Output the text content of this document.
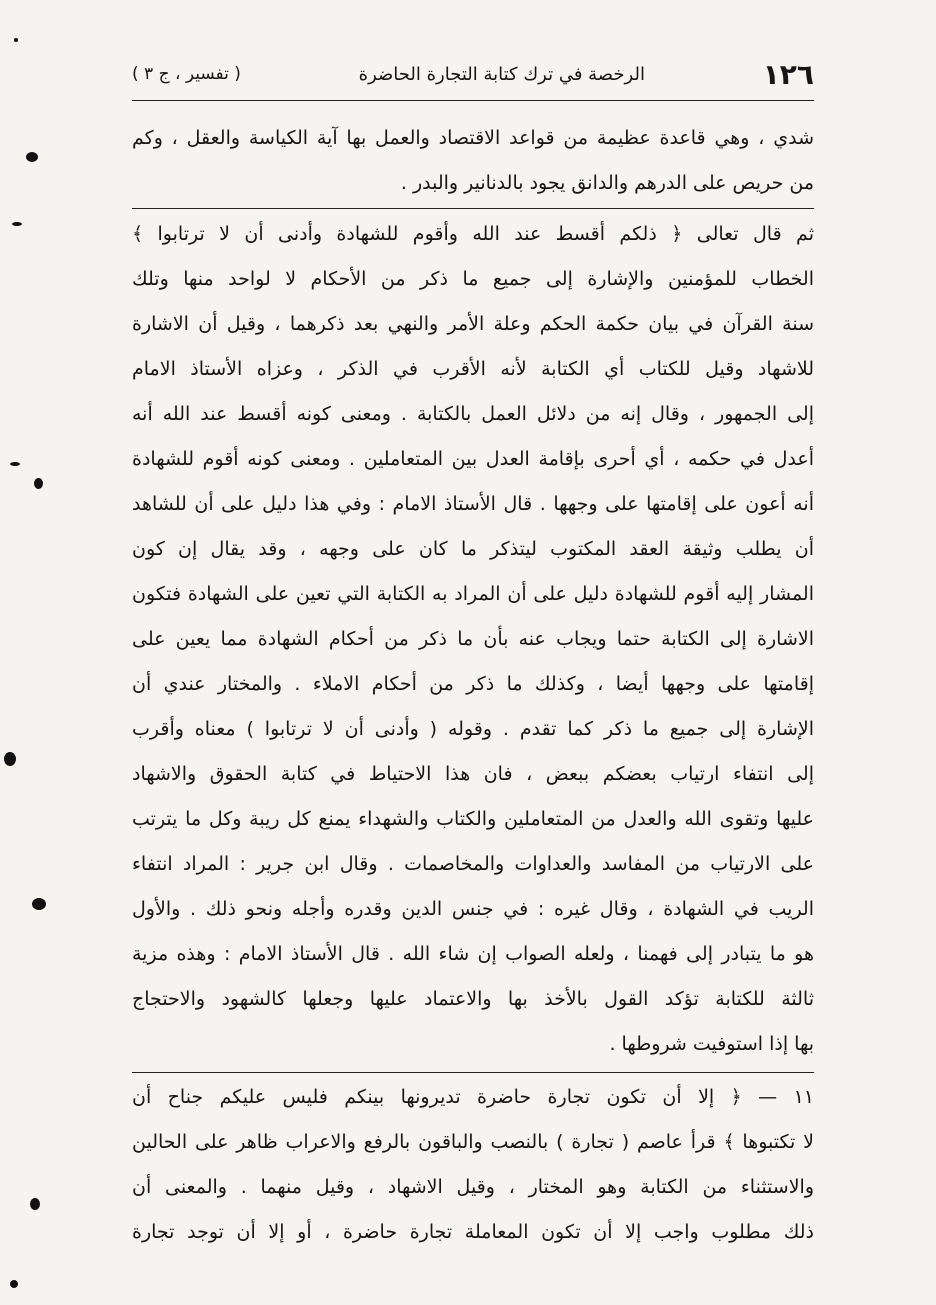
١٢٦
الرخصة في ترك كتابة التجارة الحاضرة
( تفسير ، ج ٣ )
شدي ، وهي قاعدة عظيمة من قواعد الاقتصاد والعمل بها آية الكياسة والعقل ، وكم
من حريص على الدرهم والدانق يجود بالدنانير والبدر .
ثم قال تعالى ﴿ ذلكم أقسط عند الله وأقوم للشهادة وأدنى أن لا ترتابوا ﴾
الخطاب للمؤمنين والإشارة إلى جميع ما ذكر من الأحكام لا لواحد منها وتلك
سنة القرآن في بيان حكمة الحكم وعلة الأمر والنهي بعد ذكرهما ، وقيل أن الاشارة
للاشهاد وقيل للكتاب أي الكتابة لأنه الأقرب في الذكر ، وعزاه الأستاذ الامام
إلى الجمهور ، وقال إنه من دلائل العمل بالكتابة . ومعنى كونه أقسط عند الله أنه
أعدل في حكمه ، أي أحرى بإقامة العدل بين المتعاملين . ومعنى كونه أقوم للشهادة
أنه أعون على إقامتها على وجهها . قال الأستاذ الامام : وفي هذا دليل على أن للشاهد
أن يطلب وثيقة العقد المكتوب ليتذكر ما كان على وجهه ، وقد يقال إن كون
المشار إليه أقوم للشهادة دليل على أن المراد به الكتابة التي تعين على الشهادة فتكون
الاشارة إلى الكتابة حتما ويجاب عنه بأن ما ذكر من أحكام الشهادة مما يعين على
إقامتها على وجهها أيضا ، وكذلك ما ذكر من أحكام الاملاء . والمختار عندي أن
الإشارة إلى جميع ما ذكر كما تقدم . وقوله ( وأدنى أن لا ترتابوا ) معناه وأقرب
إلى انتفاء ارتياب بعضكم ببعض ، فان هذا الاحتياط في كتابة الحقوق والاشهاد
عليها وتقوى الله والعدل من المتعاملين والكتاب والشهداء يمنع كل ريبة وكل ما يترتب
على الارتياب من المفاسد والعداوات والمخاصمات . وقال ابن جرير : المراد انتفاء
الريب في الشهادة ، وقال غيره : في جنس الدين وقدره وأجله ونحو ذلك . والأول
هو ما يتبادر إلى فهمنا ، ولعله الصواب إن شاء الله . قال الأستاذ الامام : وهذه مزية
ثالثة للكتابة تؤكد القول بالأخذ بها والاعتماد عليها وجعلها كالشهود والاحتجاج
بها إذا استوفيت شروطها .
١١ — ﴿ إلا أن تكون تجارة حاضرة تديرونها بينكم فليس عليكم جناح أن
لا تكتبوها ﴾ قرأ عاصم ( تجارة ) بالنصب والباقون بالرفع والاعراب ظاهر على الحالين
والاستثناء من الكتابة وهو المختار ، وقيل الاشهاد ، وقيل منهما . والمعنى أن
ذلك مطلوب واجب إلا أن تكون المعاملة تجارة حاضرة ، أو إلا أن توجد تجارة
